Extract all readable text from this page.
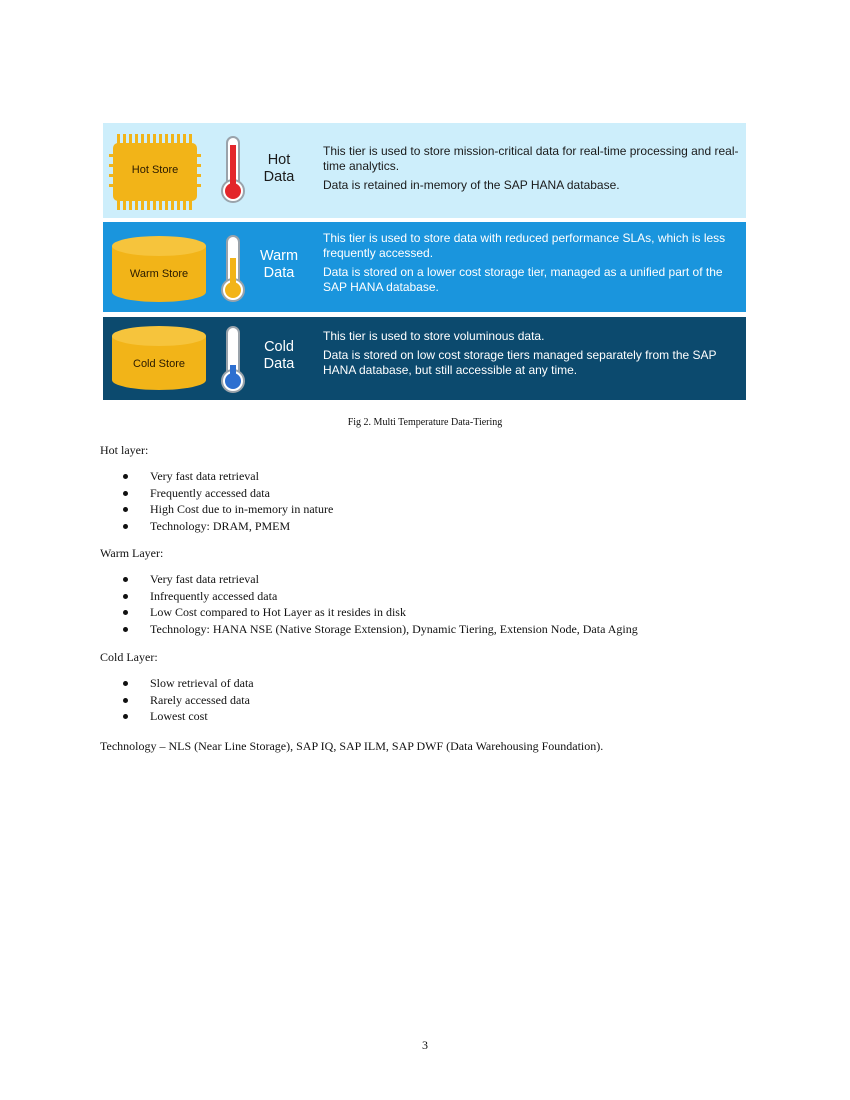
Hot Store
Hot
Data

This tier is used to store mission-critical data for real-time processing and real-time analytics.

Data is retained in-memory of the SAP HANA database.

Warm Store
Warm
Data

This tier is used to store data with reduced performance SLAs, which is less frequently accessed.

Data is stored on a lower cost storage tier, managed as a unified part of the SAP HANA database.

Cold Store
Cold
Data

This tier is used to store voluminous data.

Data is stored on low cost storage tiers managed separately from the SAP HANA database, but still accessible at any time.

Fig 2. Multi Temperature Data-Tiering
Hot layer:
Very fast data retrieval
Frequently accessed data
High Cost due to in-memory in nature
Technology: DRAM, PMEM
Warm Layer:
Very fast data retrieval
Infrequently accessed data
Low Cost compared to Hot Layer as it resides in disk
Technology: HANA NSE (Native Storage Extension), Dynamic Tiering, Extension Node, Data Aging
Cold Layer:
Slow retrieval of data
Rarely accessed data
Lowest cost
Technology – NLS (Near Line Storage), SAP IQ, SAP ILM, SAP DWF (Data Warehousing Foundation).
3
